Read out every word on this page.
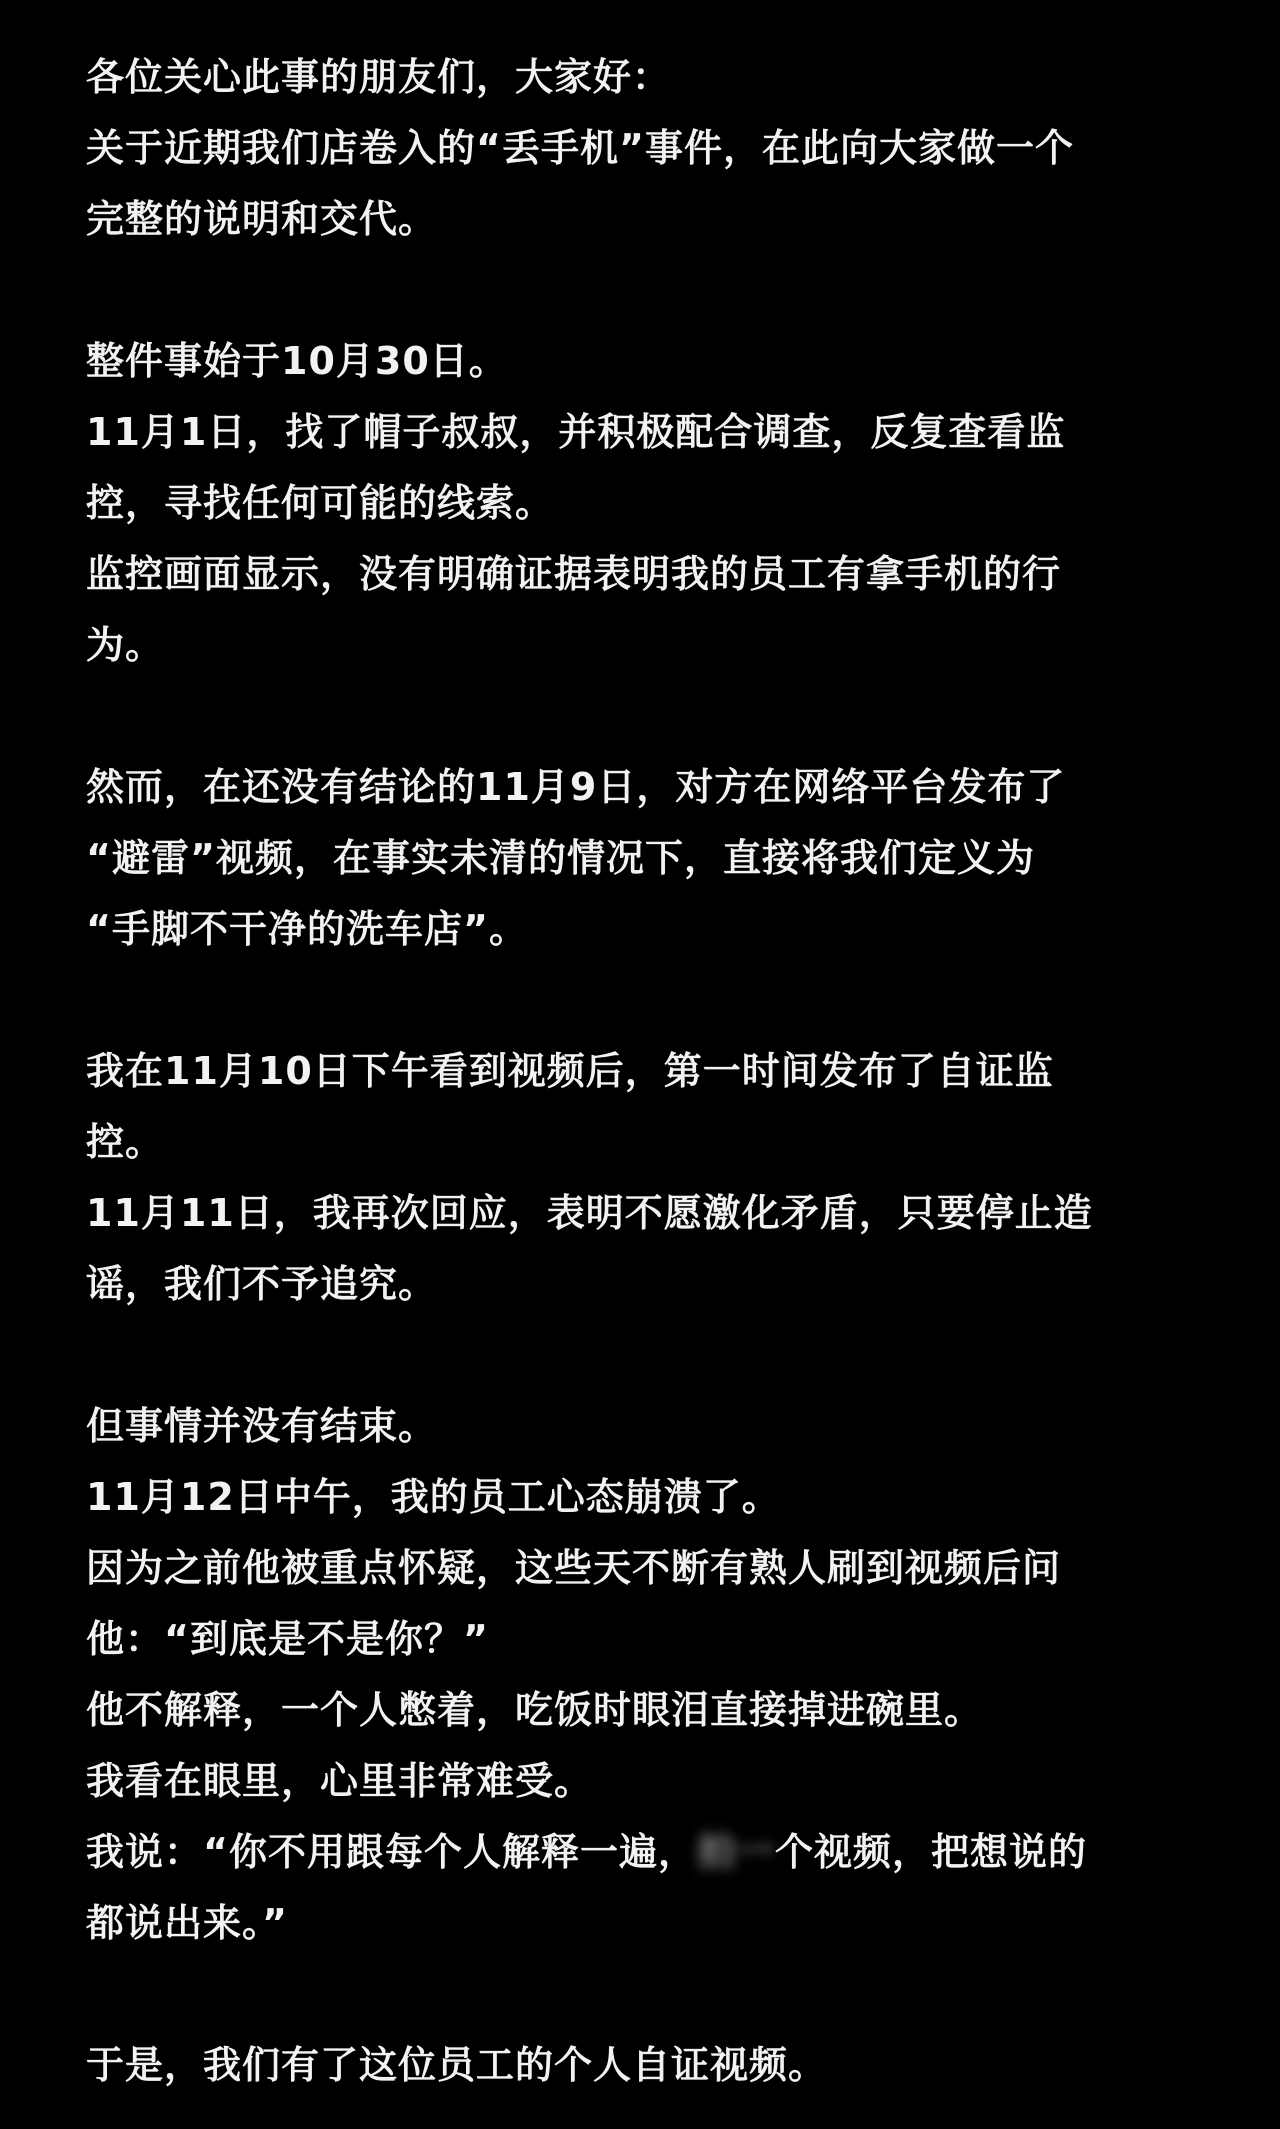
各位关心此事的朋友们，大家好：
关于近期我们店卷入的“丢手机”事件，在此向大家做一个
完整的说明和交代。
整件事始于10月30日。
11月1日，找了帽子叔叔，并积极配合调查，反复查看监
控，寻找任何可能的线索。
监控画面显示，没有明确证据表明我的员工有拿手机的行
为。
然而，在还没有结论的11月9日，对方在网络平台发布了
“避雷”视频，在事实未清的情况下，直接将我们定义为
“手脚不干净的洗车店”。
我在11月10日下午看到视频后，第一时间发布了自证监
控。
11月11日，我再次回应，表明不愿激化矛盾，只要停止造
谣，我们不予追究。
但事情并没有结束。
11月12日中午，我的员工心态崩溃了。
因为之前他被重点怀疑，这些天不断有熟人刷到视频后问
他：“到底是不是你？”
他不解释，一个人憋着，吃饭时眼泪直接掉进碗里。
我看在眼里，心里非常难受。
我说：“你不用跟每个人解释一遍，拍一个视频，把想说的
都说出来。”
于是，我们有了这位员工的个人自证视频。
